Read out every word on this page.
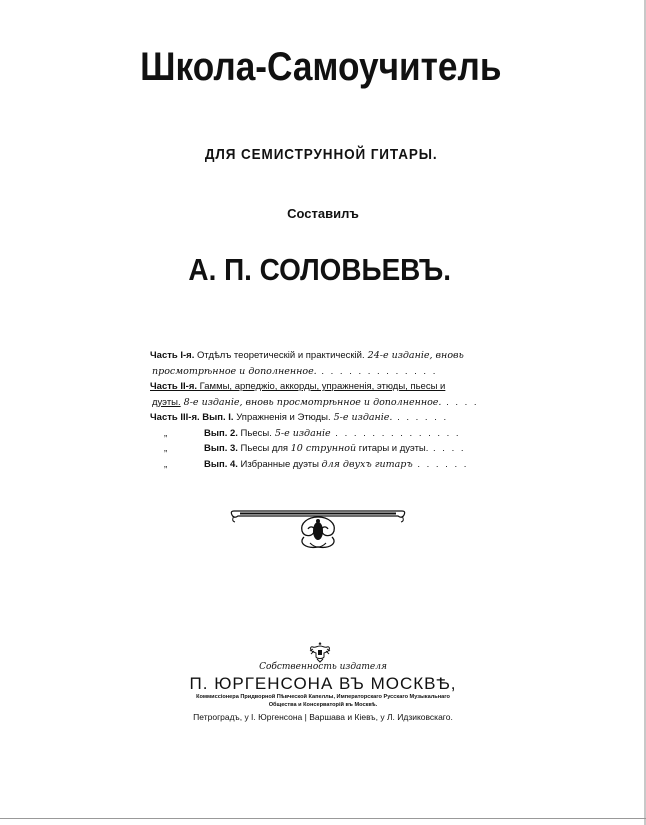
Школа-Самоучитель
ДЛЯ СЕМИСТРУННОЙ ГИТАРЫ.
Составилъ
А. П. СОЛОВЬЕВЪ.
Часть I-я. Отдѣлъ теоретическій и практическій. 24-е изданіе, вновь
просмотрѣнное и дополненное. . . . . . . . . . . . . .
Часть II-я. Гаммы, арпеджіо, аккорды, упражненія, этюды, пьесы и
дуэты. 8-е изданіе, вновь просмотрѣнное и дополненное. . . . .
Часть III-я. Вып. I. Упражненія и Этюды. 5-е изданіе. . . . . . .
„	Вып. 2. Пьесы. 5-е изданіе . . . . . . . . . . . . . .
„	Вып. 3. Пьесы для 10 струнной гитары и дуэты. . . . .
„	Вып. 4. Избранные дуэты для двухъ гитаръ . . . . . .
Собственность издателя
П. ЮРГЕНСОНА ВЪ МОСКВѢ,
Коммиссіонера Придворной Пѣвческой Капеллы, Императорскаго Русскаго Музыкальнаго
Общества и Консерваторій въ Москвѣ.
Петроградъ, у I. Юргенсона | Варшава и Кіевъ, у Л. Идзиковскаго.
